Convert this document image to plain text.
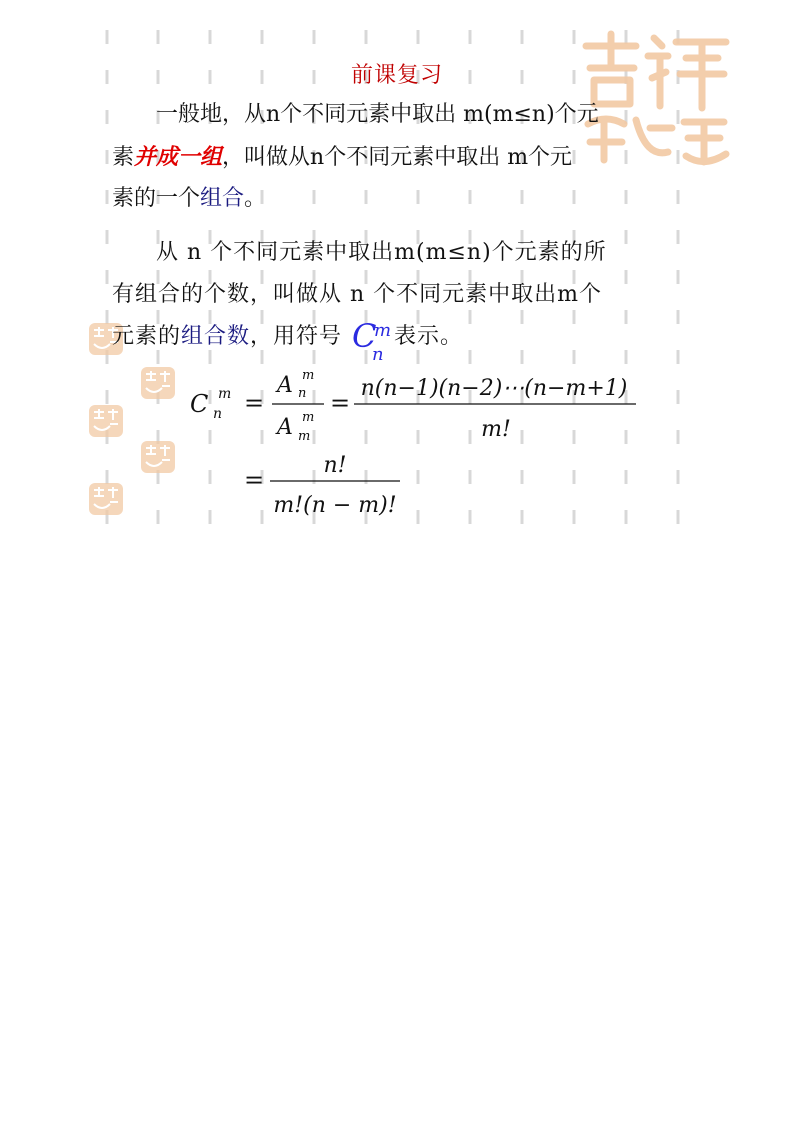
前课复习
一般地，从n个不同元素中取出 m(m≤n)个元
素并成一组，叫做从n个不同元素中取出 m个元
素的一个组合。
从 n 个不同元素中取出m(m≤n)个元素的所
有组合的个数，叫做从 n 个不同元素中取出m个
元素的组合数，用符号 C
m
n
表示。
C m
n =
A m
n
A m
m
=
n(n−1)(n−2)⋯(n−m+1)
m!
=
n!
m!(n − m)!
